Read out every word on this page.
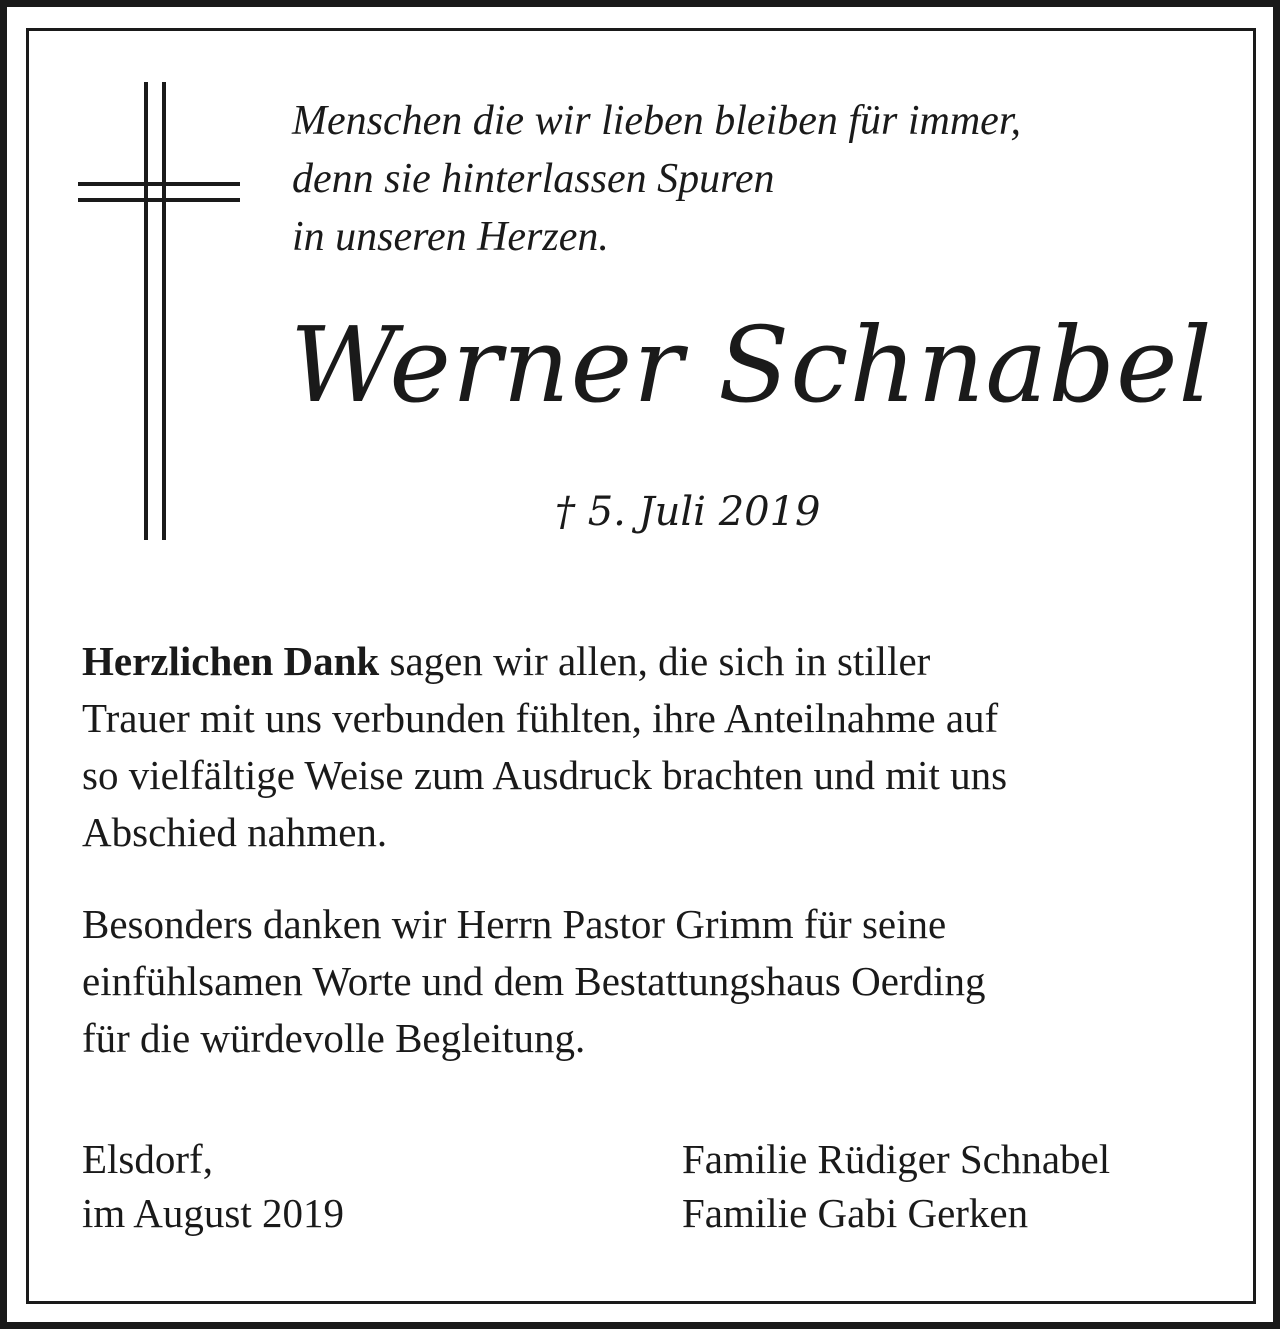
Menschen die wir lieben bleiben für immer,
denn sie hinterlassen Spuren
in unseren Herzen.

Werner Schnabel

† 5. Juli 2019

Herzlichen Dank sagen wir allen, die sich in stiller
Trauer mit uns verbunden fühlten, ihre Anteilnahme auf
so vielfältige Weise zum Ausdruck brachten und mit uns
Abschied nahmen.
Besonders danken wir Herrn Pastor Grimm für seine
einfühlsamen Worte und dem Bestattungshaus Oerding
für die würdevolle Begleitung.
Elsdorf,
im August 2019
Familie Rüdiger Schnabel
Familie Gabi Gerken
